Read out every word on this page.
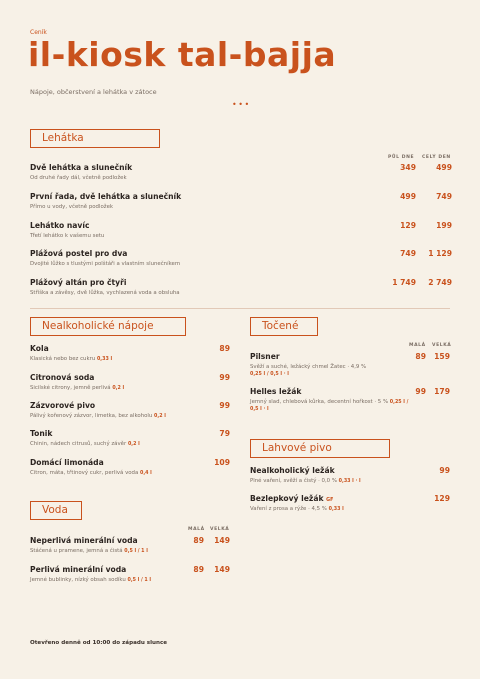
Ceník
il-kiosk tal-bajja
Nápoje, občerstvení a lehátka v zátoce
•••
Lehátka
PŮL DNE CELÝ DEN
Dvě lehátka a slunečník
Od druhé řady dál, včetně podložek
349	499
První řada, dvě lehátka a slunečník
Přímo u vody, včetně podložek
499	749
Lehátko navíc
Třetí lehátko k vašemu setu
129	199
Plážová postel pro dva
Dvojité lůžko s tlustými polštáři a vlastním slunečníkem
749	1 129
Plážový altán pro čtyři
Stříška a závěsy, dvě lůžka, vychlazená voda a obsluha
1 749	2 749
Nealkoholické nápoje
Kola
Klasická nebo bez cukru 0,33 l
89
Citronová soda
Sicilské citrony, jemně perlivá 0,2 l
99
Zázvorové pivo
Pálivý kořenový zázvor, limetka, bez alkoholu 0,2 l
99
Tonik
Chinin, nádech citrusů, suchý závěr 0,2 l
79
Domácí limonáda
Citron, máta, třtinový cukr, perlivá voda 0,4 l
109
Voda
MALÁ VELKÁ
Neperlivá minerální voda
Stáčená u pramene, jemná a čistá 0,5 l / 1 l
89	149
Perlivá minerální voda
Jemné bublinky, nízký obsah sodíku 0,5 l / 1 l
89	149
Točené
MALÁ VELKÁ
Pilsner
Svěží a suché, ležácký chmel Žatec · 4,9 %
0,25 l / 0,5 l · l
89	159
Helles ležák
Jemný slad, chlebová kůrka, decentní hořkost · 5 % 0,25 l / 0,5 l · l
99	179
Lahvové pivo
Nealkoholický ležák
Plné vaření, svěží a čistý · 0,0 % 0,33 l · l
99
Bezlepkový ležák GF
Vaření z prosa a rýže · 4,5 % 0,33 l
129
Otevřeno denně od 10:00 do západu slunce
